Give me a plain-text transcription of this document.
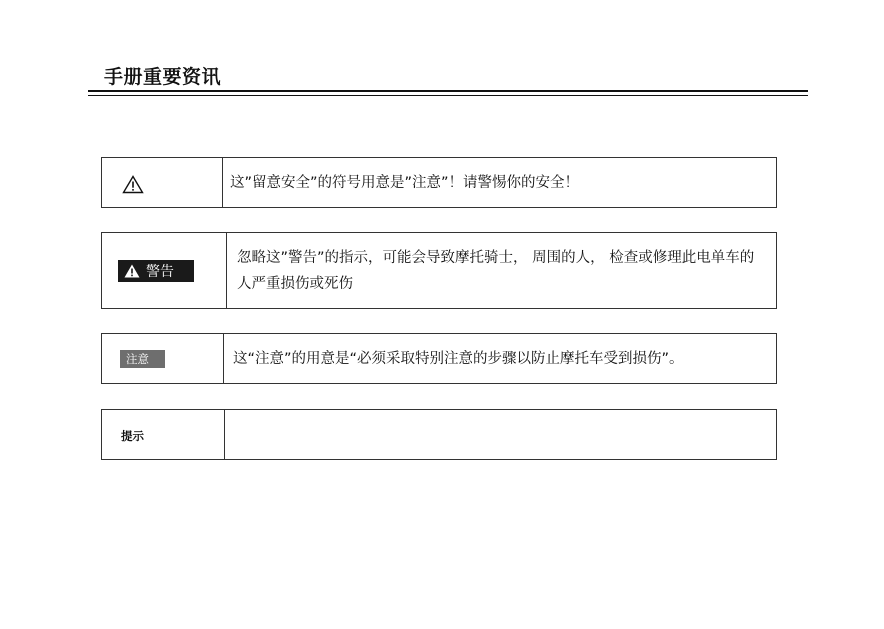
手册重要资讯
这”留意安全”的符号用意是”注意”！请警惕你的安全！
警告
忽略这”警告”的指示，可能会导致摩托骑士， 周围的人， 检查或修理此电单车的人严重损伤或死伤
注意	这“注意”的用意是“必须采取特别注意的步骤以防止摩托车受到损伤”。
提示
